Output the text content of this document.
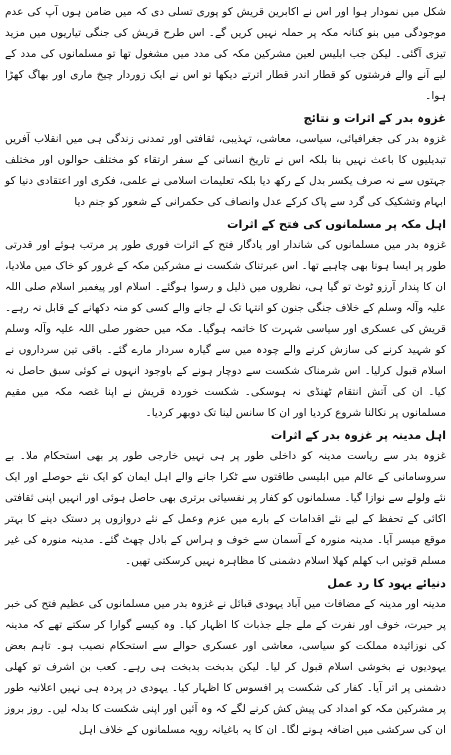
شکل میں نمودار ہوا اور اس نے اکابرین قریش کو پوری تسلی دی کہ میں ضامن ہوں آپ کی عدم موجودگی میں بنو کنانہ مکہ پر حملہ نہیں کریں گے۔ اس طرح قریش کی جنگی تیاریوں میں مزید تیزی آگئی۔ لیکن جب ابلیس لعین مشرکین مکہ کی مدد میں مشغول تھا تو مسلمانوں کی مدد کے لیے آنے والے فرشتوں کو قطار اندر قطار اترتے دیکھا تو اس نے ایک زوردار چیخ ماری اور بھاگ کھڑا ہوا۔

غزوہ بدر کے اثرات و نتائج

غزوہ بدر کی جغرافیائی، سیاسی، معاشی، تہذیبی، ثقافتی اور تمدنی زندگی ہی میں انقلاب آفریں تبدیلیوں کا باعث نہیں بنا بلکہ اس نے تاریخ انسانی کے سفر ارتقاء کو مختلف حوالوں اور مختلف جہتوں سے نہ صرف یکسر بدل کے رکھ دیا بلکہ تعلیمات اسلامی نے علمی، فکری اور اعتقادی دنیا کو ابہام وتشکیک کی گرد سے پاک کرکے عدل وانصاف کی حکمرانی کے شعور کو جنم دیا

اہل مکہ پر مسلمانوں کی فتح کے اثرات

غزوہ بدر میں مسلمانوں کی شاندار اور یادگار فتح کے اثرات فوری طور پر مرتب ہوئے اور قدرتی طور پر ایسا ہونا بھی چاہیے تھا۔ اس عبرتناک شکست نے مشرکین مکہ کے غرور کو خاک میں ملادیا، ان کا پندار آرزو ٹوٹ تو گیا ہی، نظروں میں ذلیل و رسوا ہوگئے۔ اسلام اور پیغمبر اسلام صلی اللہ علیہ وآلہ وسلم کے خلاف جنگی جنون کو انتہا تک لے جانے والے کسی کو منہ دکھانے کے قابل نہ رہے۔ قریش کی عسکری اور سیاسی شہرت کا خاتمہ ہوگیا۔ مکہ میں حضور صلی اللہ علیہ وآلہ وسلم کو شہید کرنے کی سازش کرنے والے چودہ میں سے گیارہ سردار مارے گئے۔ باقی تین سرداروں نے اسلام قبول کرلیا۔ اس شرمناک شکست سے دوچار ہونے کے باوجود انہوں نے کوئی سبق حاصل نہ کیا۔ ان کی آتش انتقام ٹھنڈی نہ ہوسکی۔ شکست خوردہ قریش نے اپنا غصہ مکہ میں مقیم مسلمانوں پر نکالنا شروع کردیا اور ان کا سانس لینا تک دوبھر کردیا۔

اہل مدینہ پر غزوہ بدر کے اثرات

غزوہ بدر سے ریاست مدینہ کو داخلی طور پر ہی نہیں خارجی طور پر بھی استحکام ملا۔ بے سروسامانی کے عالم میں ابلیسی طاقتوں سے ٹکرا جانے والے اہل ایمان کو ایک نئے حوصلے اور ایک نئے ولولے سے نوازا گیا۔ مسلمانوں کو کفار پر نفسیاتی برتری بھی حاصل ہوئی اور انہیں اپنی ثقافتی اکائی کے تحفظ کے لیے نئے اقدامات کے بارے میں عزم وعمل کے نئے دروازوں پر دستک دینے کا بہتر موقع میسر آیا۔ مدینہ منورہ کے آسمان سے خوف و ہراس کے بادل چھٹ گئے۔ مدینہ منورہ کی غیر مسلم قوتیں اب کھلم کھلا اسلام دشمنی کا مظاہرہ نہیں کرسکتی تھیں۔

دنیائے یہود کا رد عمل

مدینہ اور مدینہ کے مضافات میں آباد یہودی قبائل نے غزوہ بدر میں مسلمانوں کی عظیم فتح کی خبر پر حیرت، خوف اور نفرت کے ملے جلے جذبات کا اظہار کیا۔ وہ کیسے گوارا کر سکتے تھے کہ مدینہ کی نوزائیدہ مملکت کو سیاسی، معاشی اور عسکری حوالے سے استحکام نصیب ہو۔ تاہم بعض یہودیوں نے بخوشی اسلام قبول کر لیا۔ لیکن بدبخت بدبخت ہی رہے۔ کعب بن اشرف تو کھلی دشمنی پر اتر آیا۔ کفار کی شکست پر افسوس کا اظہار کیا۔ یہودی در پردہ ہی نہیں اعلانیہ طور پر مشرکین مکہ کو امداد کی پیش کش کرنے لگے کہ وہ آئیں اور اپنی شکست کا بدلہ لیں۔ روز بروز ان کی سرکشی میں اضافہ ہونے لگا۔ ان کا یہ باغیانہ رویہ مسلمانوں کے خلاف اہل
